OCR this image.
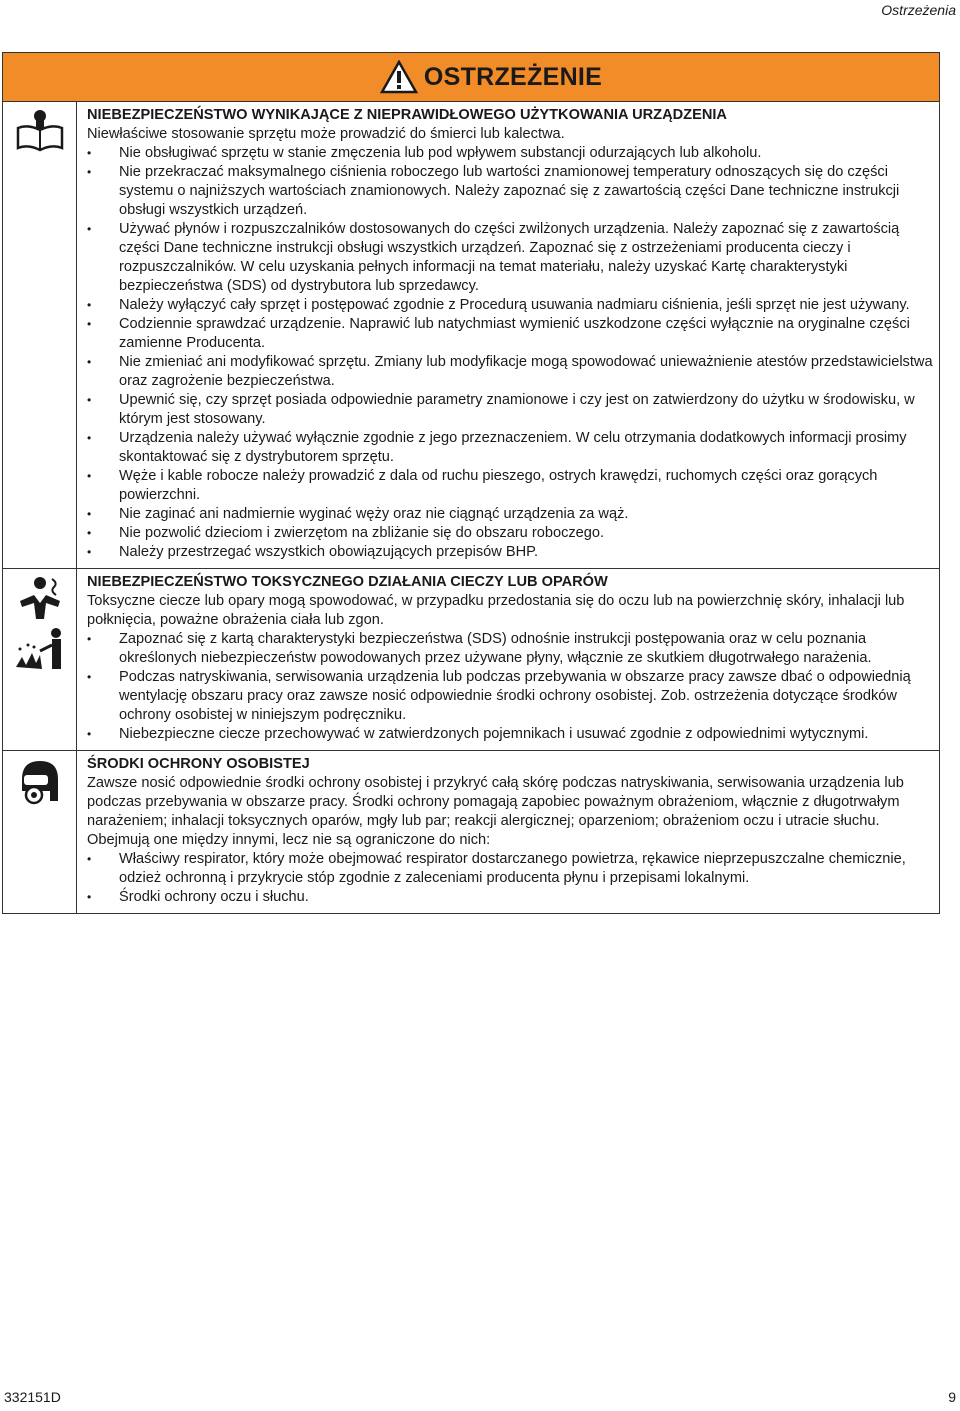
Ostrzeżenia
OSTRZEŻENIE
NIEBEZPIECZEŃSTWO WYNIKAJĄCE Z NIEPRAWIDŁOWEGO UŻYTKOWANIA URZĄDZENIA

Niewłaściwe stosowanie sprzętu może prowadzić do śmierci lub kalectwa.

• Nie obsługiwać sprzętu w stanie zmęczenia lub pod wpływem substancji odurzających lub alkoholu.
• Nie przekraczać maksymalnego ciśnienia roboczego lub wartości znamionowej temperatury odnoszących się do części systemu o najniższych wartościach znamionowych. Należy zapoznać się z zawartością części Dane techniczne instrukcji obsługi wszystkich urządzeń.
• Używać płynów i rozpuszczalników dostosowanych do części zwilżonych urządzenia. Należy zapoznać się z zawartością części Dane techniczne instrukcji obsługi wszystkich urządzeń. Zapoznać się z ostrzeżeniami producenta cieczy i rozpuszczalników. W celu uzyskania pełnych informacji na temat materiału, należy uzyskać Kartę charakterystyki bezpieczeństwa (SDS) od dystrybutora lub sprzedawcy.
• Należy wyłączyć cały sprzęt i postępować zgodnie z Procedurą usuwania nadmiaru ciśnienia, jeśli sprzęt nie jest używany.
• Codziennie sprawdzać urządzenie. Naprawić lub natychmiast wymienić uszkodzone części wyłącznie na oryginalne części zamienne Producenta.
• Nie zmieniać ani modyfikować sprzętu. Zmiany lub modyfikacje mogą spowodować unieważnienie atestów przedstawicielstwa oraz zagrożenie bezpieczeństwa.
• Upewnić się, czy sprzęt posiada odpowiednie parametry znamionowe i czy jest on zatwierdzony do użytku w środowisku, w którym jest stosowany.
• Urządzenia należy używać wyłącznie zgodnie z jego przeznaczeniem. W celu otrzymania dodatkowych informacji prosimy skontaktować się z dystrybutorem sprzętu.
• Węże i kable robocze należy prowadzić z dala od ruchu pieszego, ostrych krawędzi, ruchomych części oraz gorących powierzchni.
• Nie zaginać ani nadmiernie wyginać węży oraz nie ciągnąć urządzenia za wąż.
• Nie pozwolić dzieciom i zwierzętom na zbliżanie się do obszaru roboczego.
• Należy przestrzegać wszystkich obowiązujących przepisów BHP.
NIEBEZPIECZEŃSTWO TOKSYCZNEGO DZIAŁANIA CIECZY LUB OPARÓW

Toksyczne ciecze lub opary mogą spowodować, w przypadku przedostania się do oczu lub na powierzchnię skóry, inhalacji lub połknięcia, poważne obrażenia ciała lub zgon.

• Zapoznać się z kartą charakterystyki bezpieczeństwa (SDS) odnośnie instrukcji postępowania oraz w celu poznania określonych niebezpieczeństw powodowanych przez używane płyny, włącznie ze skutkiem długotrwałego narażenia.
• Podczas natryskiwania, serwisowania urządzenia lub podczas przebywania w obszarze pracy zawsze dbać o odpowiednią wentylację obszaru pracy oraz zawsze nosić odpowiednie środki ochrony osobistej. Zob. ostrzeżenia dotyczące środków ochrony osobistej w niniejszym podręczniku.
• Niebezpieczne ciecze przechowywać w zatwierdzonych pojemnikach i usuwać zgodnie z odpowiednimi wytycznymi.
ŚRODKI OCHRONY OSOBISTEJ

Zawsze nosić odpowiednie środki ochrony osobistej i przykryć całą skórę podczas natryskiwania, serwisowania urządzenia lub podczas przebywania w obszarze pracy. Środki ochrony pomagają zapobiec poważnym obrażeniom, włącznie z długotrwałym narażeniem; inhalacji toksycznych oparów, mgły lub par; reakcji alergicznej; oparzeniom; obrażeniom oczu i utracie słuchu. Obejmują one między innymi, lecz nie są ograniczone do nich:

• Właściwy respirator, który może obejmować respirator dostarczanego powietrza, rękawice nieprzepuszczalne chemicznie, odzież ochronną i przykrycie stóp zgodnie z zaleceniami producenta płynu i przepisami lokalnymi.
• Środki ochrony oczu i słuchu.
332151D	9
